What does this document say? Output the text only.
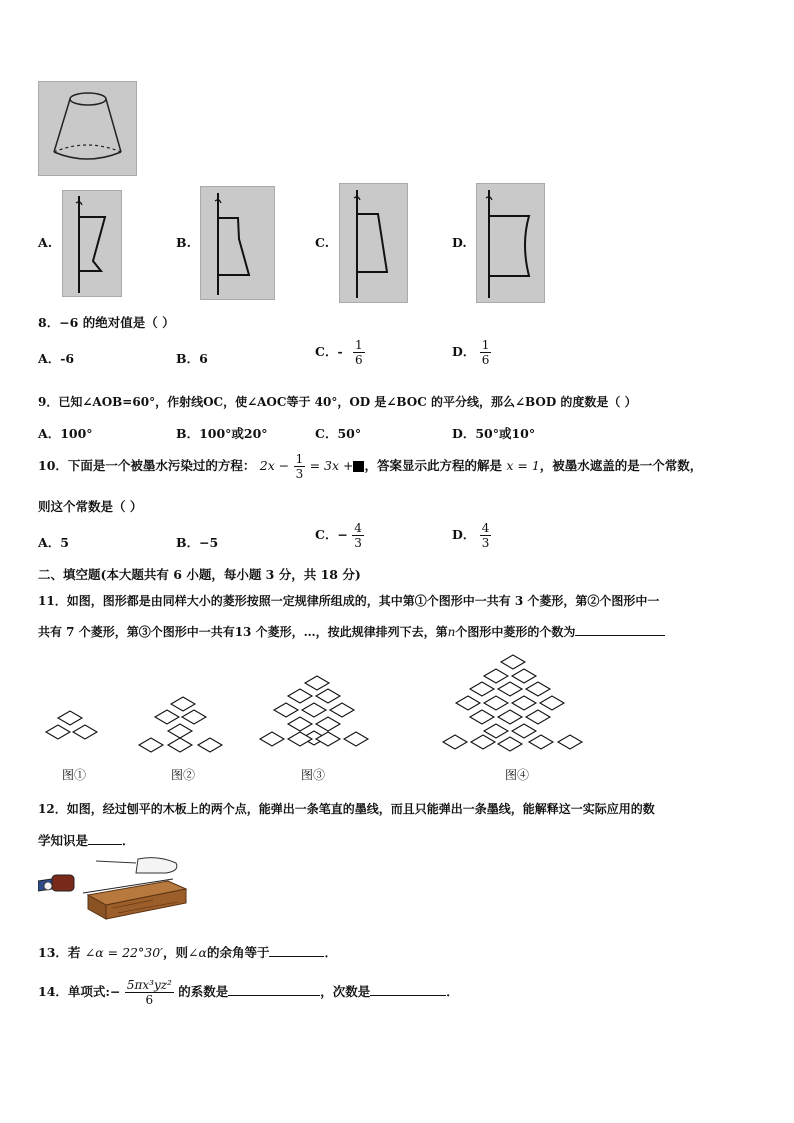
A.	B.	C.	D.
8．−6 的绝对值是（ ）
A．-6	B．6	C．- $\frac{1}{6}$	D． $\frac{1}{6}$
9．已知∠AOB=60°，作射线OC，使∠AOC等于 40°，OD 是∠BOC 的平分线，那么∠BOD 的度数是（ ）
A．100°	B．100°或20°	C．50°	D．50°或10°
10．下面是一个被墨水污染过的方程： $2x - \frac{1}{3} = 3x$ + ，答案显示此方程的解是 x = 1，被墨水遮盖的是一个常数，
则这个常数是（ ）
A．5	B．−5
C．− $\frac{4}{3}$	D． $\frac{4}{3}$
二、填空题(本大题共有 6 小题，每小题 3 分，共 18 分)
11．如图，图形都是由同样大小的菱形按照一定规律所组成的，其中第①个图形中一共有 3 个菱形，第②个图形中一
共有 7 个菱形，第③个图形中一共有13 个菱形，…，按此规律排列下去，第n个图形中菱形的个数为
图①	图②	图③	图④
12．如图，经过刨平的木板上的两个点，能弹出一条笔直的墨线，而且只能弹出一条墨线，能解释这一实际应用的数
学知识是	．
13．若 ∠α = 22°30′，则∠α的余角等于	．
14．单项式:− $\frac{\text{5πx³yz²}}{6}$ 的系数是	，次数是	．
